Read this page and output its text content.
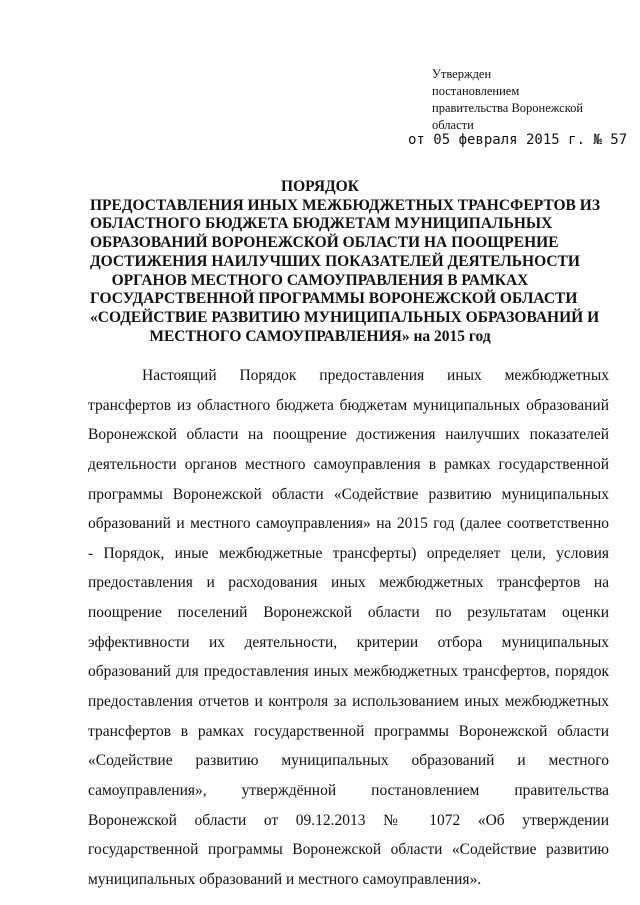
Утвержден
постановлением
правительства Воронежской
области
от 05 февраля 2015 г. № 57
ПОРЯДОК
ПРЕДОСТАВЛЕНИЯ ИНЫХ МЕЖБЮДЖЕТНЫХ ТРАНСФЕРТОВ ИЗ
ОБЛАСТНОГО БЮДЖЕТА БЮДЖЕТАМ МУНИЦИПАЛЬНЫХ
ОБРАЗОВАНИЙ ВОРОНЕЖСКОЙ ОБЛАСТИ НА ПООЩРЕНИЕ
ДОСТИЖЕНИЯ НАИЛУЧШИХ ПОКАЗАТЕЛЕЙ ДЕЯТЕЛЬНОСТИ
ОРГАНОВ МЕСТНОГО САМОУПРАВЛЕНИЯ В РАМКАХ
ГОСУДАРСТВЕННОЙ ПРОГРАММЫ ВОРОНЕЖСКОЙ ОБЛАСТИ
«СОДЕЙСТВИЕ РАЗВИТИЮ МУНИЦИПАЛЬНЫХ ОБРАЗОВАНИЙ И
МЕСТНОГО САМОУПРАВЛЕНИЯ» на 2015 год
Настоящий Порядок предоставления иных межбюджетных
трансфертов из областного бюджета бюджетам муниципальных образований
Воронежской области на поощрение достижения наилучших показателей
деятельности органов местного самоуправления в рамках государственной
программы Воронежской области «Содействие развитию муниципальных
образований и местного самоуправления» на 2015 год (далее соответственно
- Порядок, иные межбюджетные трансферты) определяет цели, условия
предоставления и расходования иных межбюджетных трансфертов на
поощрение поселений Воронежской области по результатам оценки
эффективности их деятельности, критерии отбора муниципальных
образований для предоставления иных межбюджетных трансфертов, порядок
предоставления отчетов и контроля за использованием иных межбюджетных
трансфертов в рамках государственной программы Воронежской области
«Содействие развитию муниципальных образований и местного
самоуправления», утверждённой постановлением правительства
Воронежской области от 09.12.2013 № 1072 «Об утверждении
государственной программы Воронежской области «Содействие развитию
муниципальных образований и местного самоуправления».
